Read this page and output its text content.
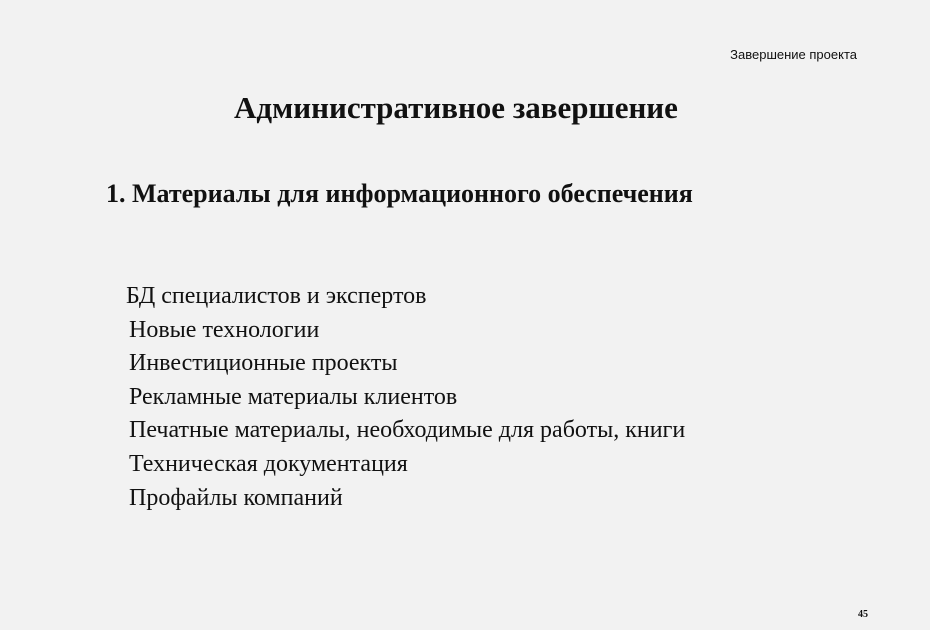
Завершение проекта
Административное завершение
1. Материалы для информационного обеспечения
БД специалистов и экспертов
Новые технологии
Инвестиционные проекты
Рекламные материалы клиентов
Печатные материалы, необходимые для работы, книги
Техническая документация
Профайлы компаний
45
